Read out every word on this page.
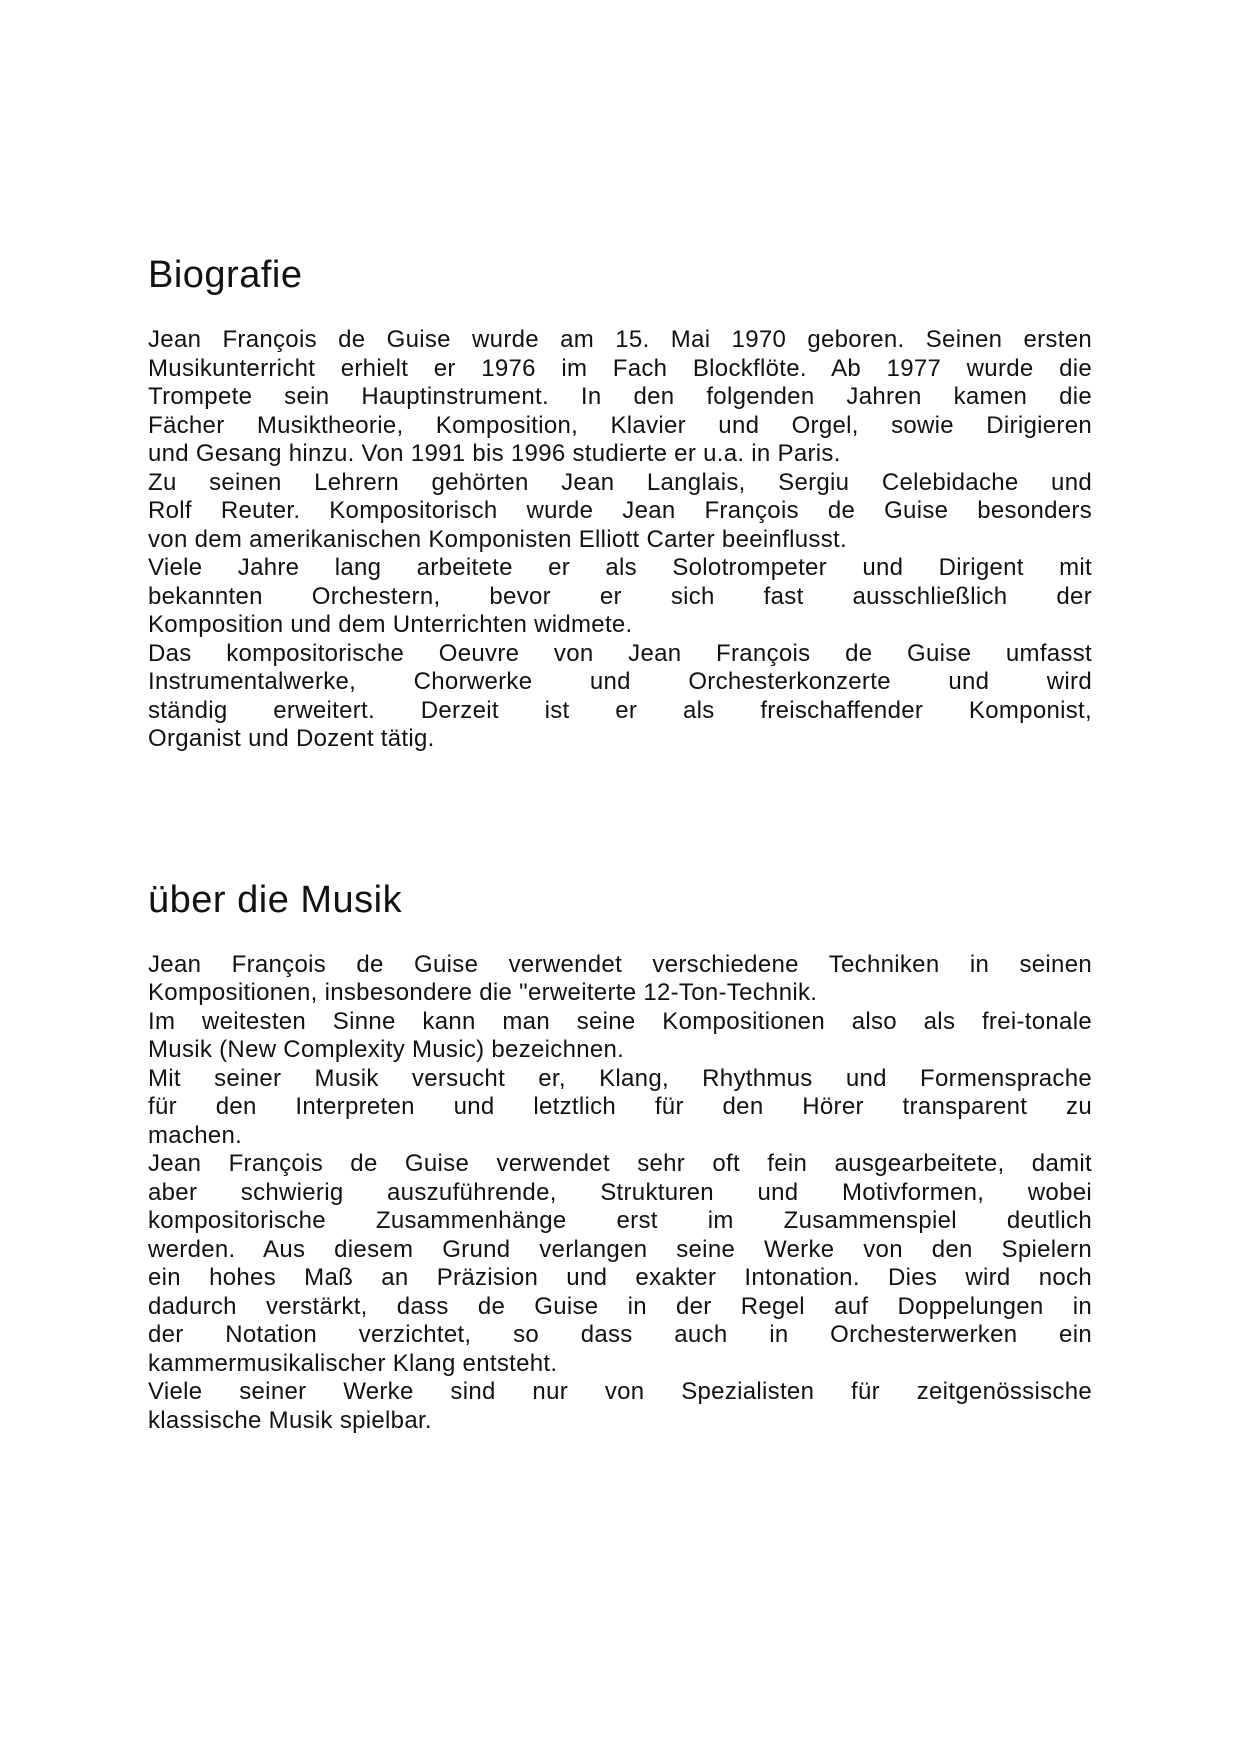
Biografie
Jean François de Guise wurde am 15. Mai 1970 geboren. Seinen ersten
Musikunterricht erhielt er 1976 im Fach Blockflöte. Ab 1977 wurde die
Trompete sein Hauptinstrument. In den folgenden Jahren kamen die
Fächer Musiktheorie, Komposition, Klavier und Orgel, sowie Dirigieren
und Gesang hinzu. Von 1991 bis 1996 studierte er u.a. in Paris.
Zu seinen Lehrern gehörten Jean Langlais, Sergiu Celebidache und
Rolf Reuter. Kompositorisch wurde Jean François de Guise besonders
von dem amerikanischen Komponisten Elliott Carter beeinflusst.
Viele Jahre lang arbeitete er als Solotrompeter und Dirigent mit
bekannten Orchestern, bevor er sich fast ausschließlich der
Komposition und dem Unterrichten widmete.
Das kompositorische Oeuvre von Jean François de Guise umfasst
Instrumentalwerke, Chorwerke und Orchesterkonzerte und wird
ständig erweitert. Derzeit ist er als freischaffender Komponist,
Organist und Dozent tätig.
über die Musik
Jean François de Guise verwendet verschiedene Techniken in seinen
Kompositionen, insbesondere die "erweiterte 12-Ton-Technik.
Im weitesten Sinne kann man seine Kompositionen also als frei-tonale
Musik (New Complexity Music) bezeichnen.
Mit seiner Musik versucht er, Klang, Rhythmus und Formensprache
für den Interpreten und letztlich für den Hörer transparent zu
machen.
Jean François de Guise verwendet sehr oft fein ausgearbeitete, damit
aber schwierig auszuführende, Strukturen und Motivformen, wobei
kompositorische Zusammenhänge erst im Zusammenspiel deutlich
werden. Aus diesem Grund verlangen seine Werke von den Spielern
ein hohes Maß an Präzision und exakter Intonation. Dies wird noch
dadurch verstärkt, dass de Guise in der Regel auf Doppelungen in
der Notation verzichtet, so dass auch in Orchesterwerken ein
kammermusikalischer Klang entsteht.
Viele seiner Werke sind nur von Spezialisten für zeitgenössische
klassische Musik spielbar.
